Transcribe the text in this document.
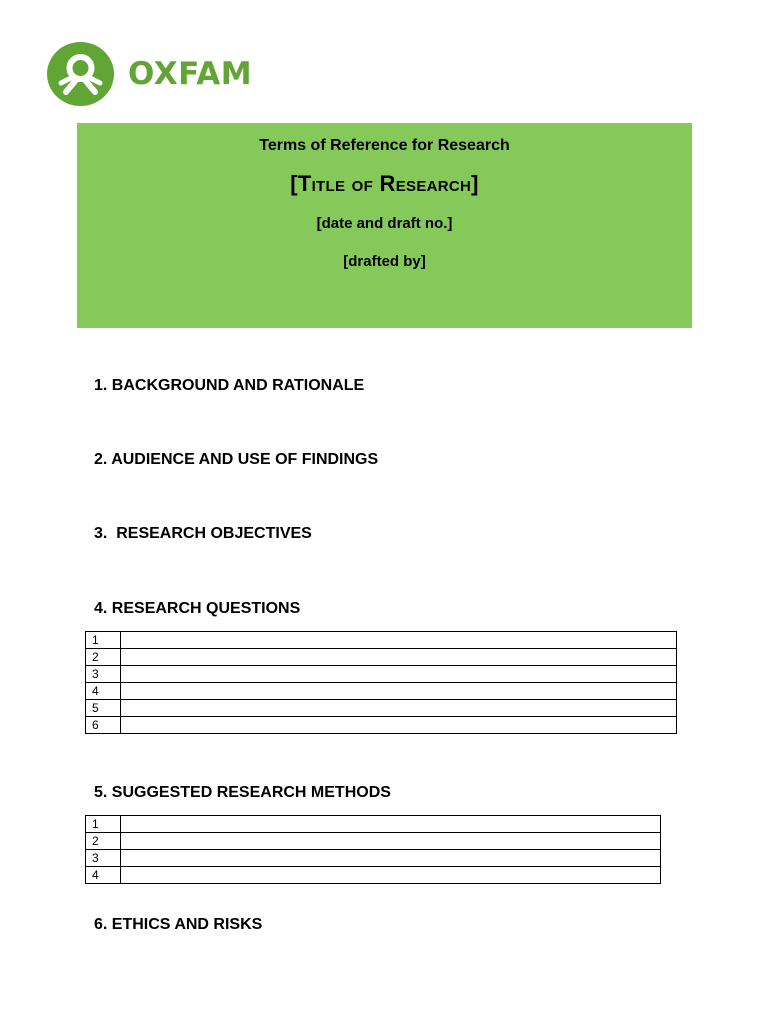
OXFAM
Terms of Reference for Research
[Title of Research]
[date and draft no.]
[drafted by]
1. BACKGROUND AND RATIONALE
2. AUDIENCE AND USE OF FINDINGS
3.  RESEARCH OBJECTIVES
4. RESEARCH QUESTIONS
1	
2	
3	
4	
5	
6	
5. SUGGESTED RESEARCH METHODS
1	
2	
3	
4	
6. ETHICS AND RISKS
